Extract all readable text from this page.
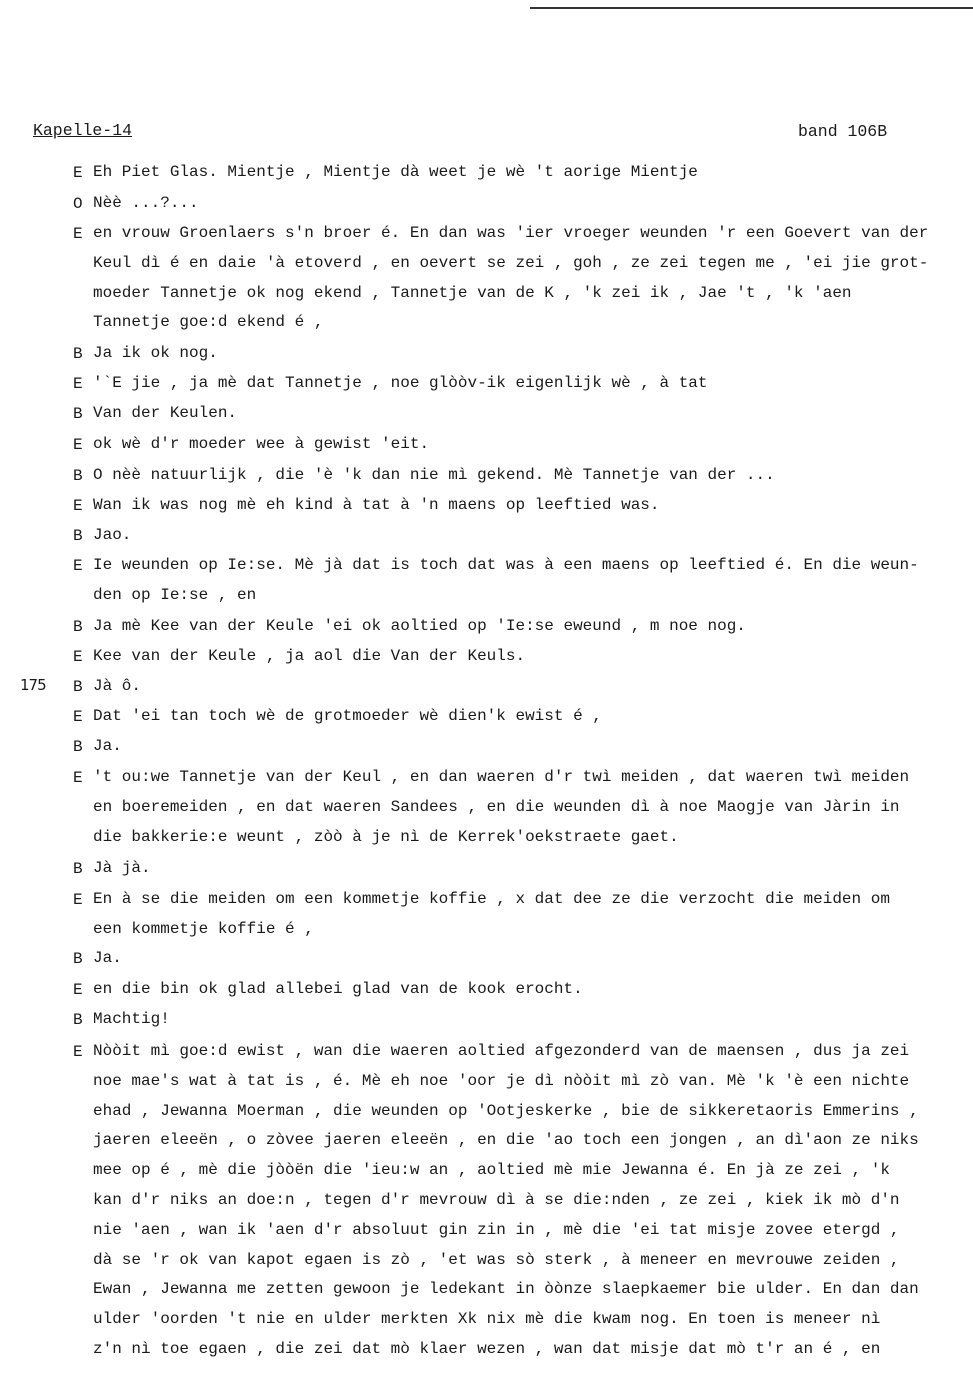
Kapelle-14	band 106B
175
E Eh Piet Glas. Mientje , Mientje dà weet je wè 't aorige Mientje
O Nèè ...?...
E en vrouw Groenlaers s'n broer é. En dan was 'ier vroeger weunden 'r een Goevert van der
Keul dì é en daie 'à etoverd , en oevert se zei , goh , ze zei tegen me , 'ei jie grot-
moeder Tannetje ok nog ekend , Tannetje van de K , 'k zei ik , Jae 't , 'k 'aen
Tannetje goe:d ekend é ,
B Ja ik ok nog.
E '`E jie , ja mè dat Tannetje , noe glòòv-ik eigenlijk wè , à tat
B Van der Keulen.
E ok wè d'r moeder wee à gewist 'eit.
B O nèè natuurlijk , die 'è 'k dan nie mì gekend. Mè Tannetje van der ...
E Wan ik was nog mè eh kind à tat à 'n maens op leeftied was.
B Jao.
E Ie weunden op Ie:se. Mè jà dat is toch dat was à een maens op leeftied é. En die weun-
den op Ie:se , en
B Ja mè Kee van der Keule 'ei ok aoltied op 'Ie:se eweund , m noe nog.
E Kee van der Keule , ja aol die Van der Keuls.
B Jà ô.
E Dat 'ei tan toch wè de grotmoeder wè dien'k ewist é ,
B Ja.
E 't ou:we Tannetje van der Keul , en dan waeren d'r twì meiden , dat waeren twì meiden
en boeremeiden , en dat waeren Sandees , en die weunden dì à noe Maogje van Jàrin in
die bakkerie:e weunt , zòò à je nì de Kerrek'oekstraete gaet.
B Jà jà.
E En à se die meiden om een kommetje koffie , x dat dee ze die verzocht die meiden om
een kommetje koffie é ,
B Ja.
E en die bin ok glad allebei glad van de kook erocht.
B Machtig!
E Nòòit mì goe:d ewist , wan die waeren aoltied afgezonderd van de maensen , dus ja zei
noe mae's wat à tat is , é. Mè eh noe 'oor je dì nòòit mì zò van. Mè 'k 'è een nichte
ehad , Jewanna Moerman , die weunden op 'Ootjeskerke , bie de sikkeretaoris Emmerins ,
jaeren eleeën , o zòvee jaeren eleeën , en die 'ao toch een jongen , an dì'aon ze niks
mee op é , mè die jòòën die 'ieu:w an , aoltied mè mie Jewanna é. En jà ze zei , 'k
kan d'r niks an doe:n , tegen d'r mevrouw dì à se die:nden , ze zei , kiek ik mò d'n
nie 'aen , wan ik 'aen d'r absoluut gin zin in , mè die 'ei tat misje zovee etergd ,
dà se 'r ok van kapot egaen is zò , 'et was sò sterk , à meneer en mevrouwe zeiden ,
Ewan , Jewanna me zetten gewoon je ledekant in òònze slaepkaemer bie ulder. En dan dan
ulder 'oorden 't nie en ulder merkten Xk nix mè die kwam nog. En toen is meneer nì
z'n nì toe egaen , die zei dat mò klaer wezen , wan dat misje dat mò t'r an é , en
